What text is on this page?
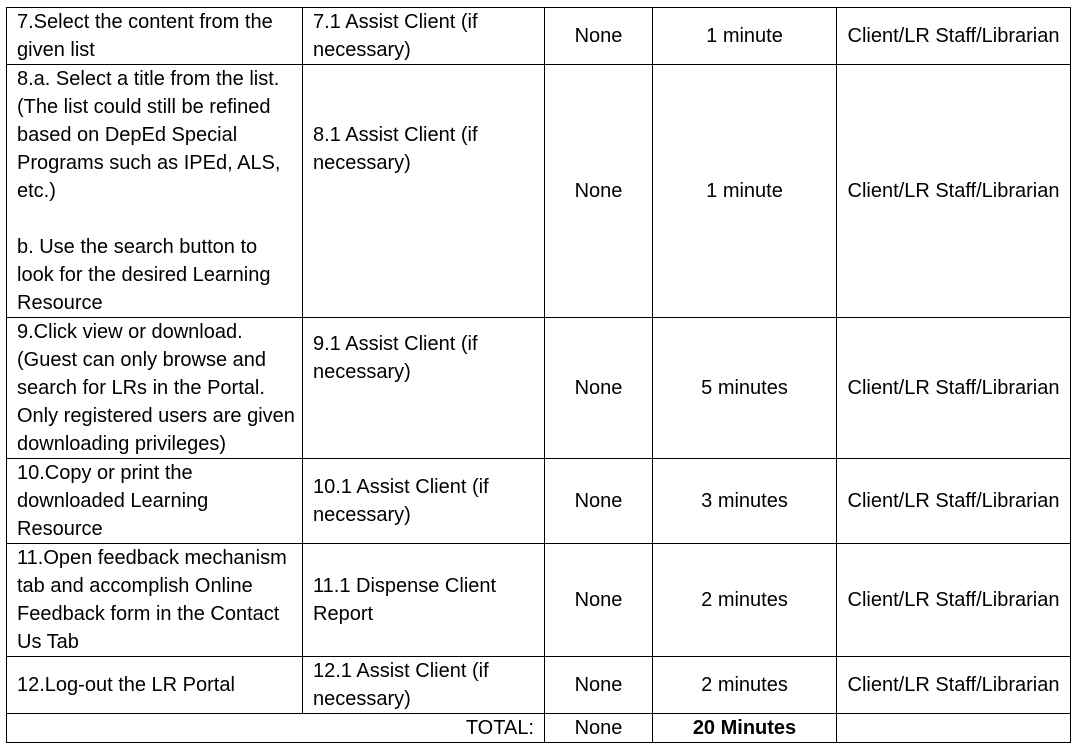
7.Select the content from the given list	7.1 Assist Client (if necessary)	None	1 minute	Client/LR Staff/Librarian

8.a. Select a title from the list. (The list could still be refined based on DepEd Special Programs such as IPEd, ALS, etc.)
b. Use the search button to look for the desired Learning Resource	8.1 Assist Client (if necessary)	None	1 minute	Client/LR Staff/Librarian
9.Click view or download. (Guest can only browse and search for LRs in the Portal. Only registered users are given downloading privileges)	9.1 Assist Client (if necessary)	None	5 minutes	Client/LR Staff/Librarian
10.Copy or print the downloaded Learning Resource	10.1 Assist Client (if necessary)	None	3 minutes	Client/LR Staff/Librarian
11.Open feedback mechanism tab and accomplish Online Feedback form in the Contact Us Tab	11.1 Dispense Client Report	None	2 minutes	Client/LR Staff/Librarian
12.Log-out the LR Portal	12.1 Assist Client (if necessary)	None	2 minutes	Client/LR Staff/Librarian
TOTAL:		None	20 Minutes	
